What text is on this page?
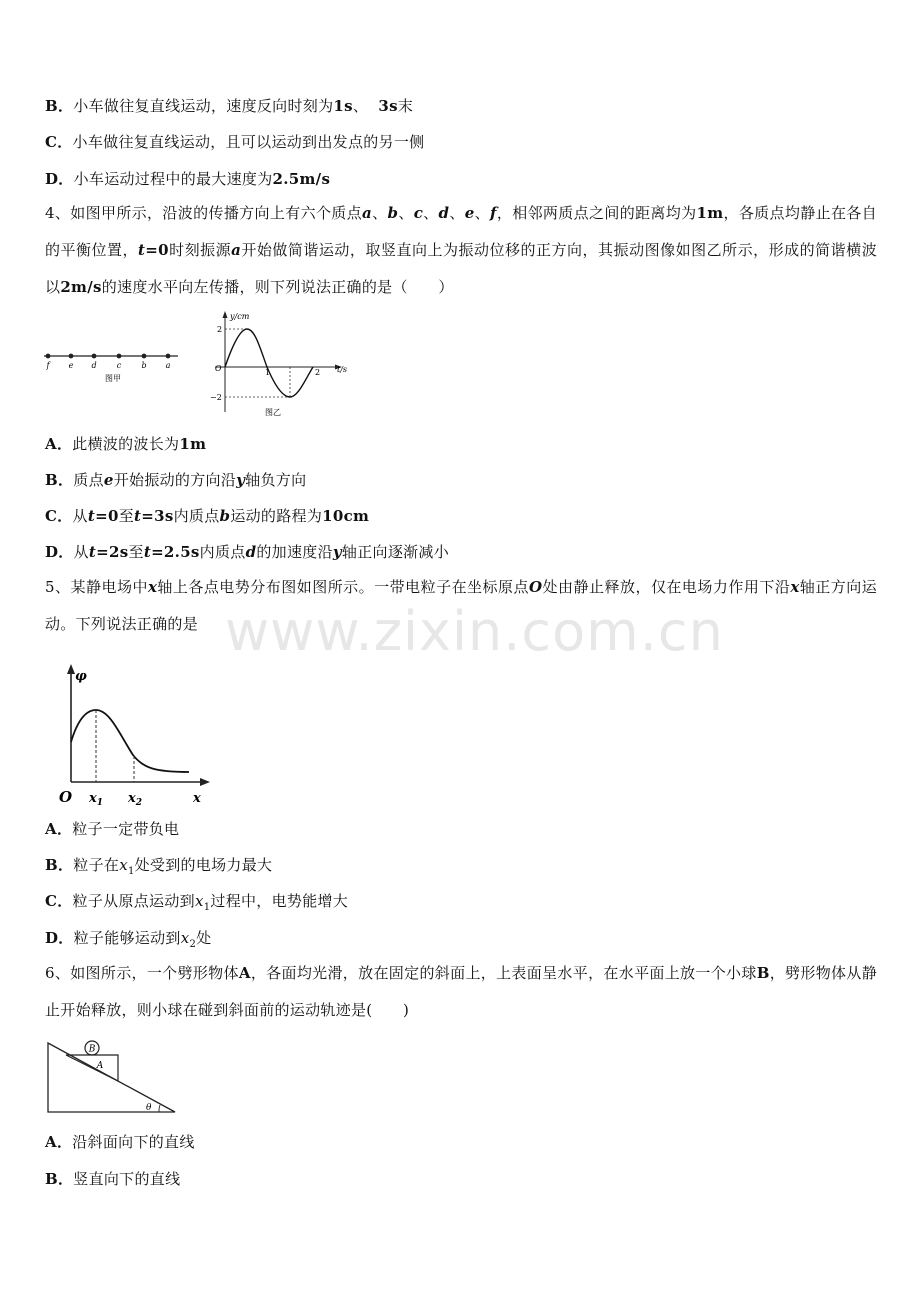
B．小车做往复直线运动，速度反向时刻为1s、 3s末
C．小车做往复直线运动，且可以运动到出发点的另一侧
D．小车运动过程中的最大速度为2.5m/s
4、如图甲所示，沿波的传播方向上有六个质点a、b、c、d、e、f，相邻两质点之间的距离均为1m，各质点均静止在各自的平衡位置，t=0时刻振源a开始做简谐运动，取竖直向上为振动位移的正方向，其振动图像如图乙所示，形成的简谐横波以2m/s的速度水平向左传播，则下列说法正确的是（　　）
f e d	c	b a
图甲
y/cm
t/s
O
2
−2
1	2
图乙
A．此横波的波长为1m
B．质点e开始振动的方向沿y轴负方向
C．从t=0至t=3s内质点b运动的路程为10cm
D．从t=2s至t=2.5s内质点d的加速度沿y轴正向逐渐减小
5、某静电场中x轴上各点电势分布图如图所示。一带电粒子在坐标原点O处由静止释放，仅在电场力作用下沿x轴正方向运动。下列说法正确的是
φ
O $x_1$ $x_2$	x
A．粒子一定带负电
B．粒子在$x_1$处受到的电场力最大
C．粒子从原点运动到$x_1$过程中，电势能增大
D．粒子能够运动到$x_2$处
6、如图所示，一个劈形物体A，各面均光滑，放在固定的斜面上，上表面呈水平，在水平面上放一个小球B，劈形物体从静止开始释放，则小球在碰到斜面前的运动轨迹是(　　)
B
A
θ
A．沿斜面向下的直线
B．竖直向下的直线
www.zixin.com.cn
